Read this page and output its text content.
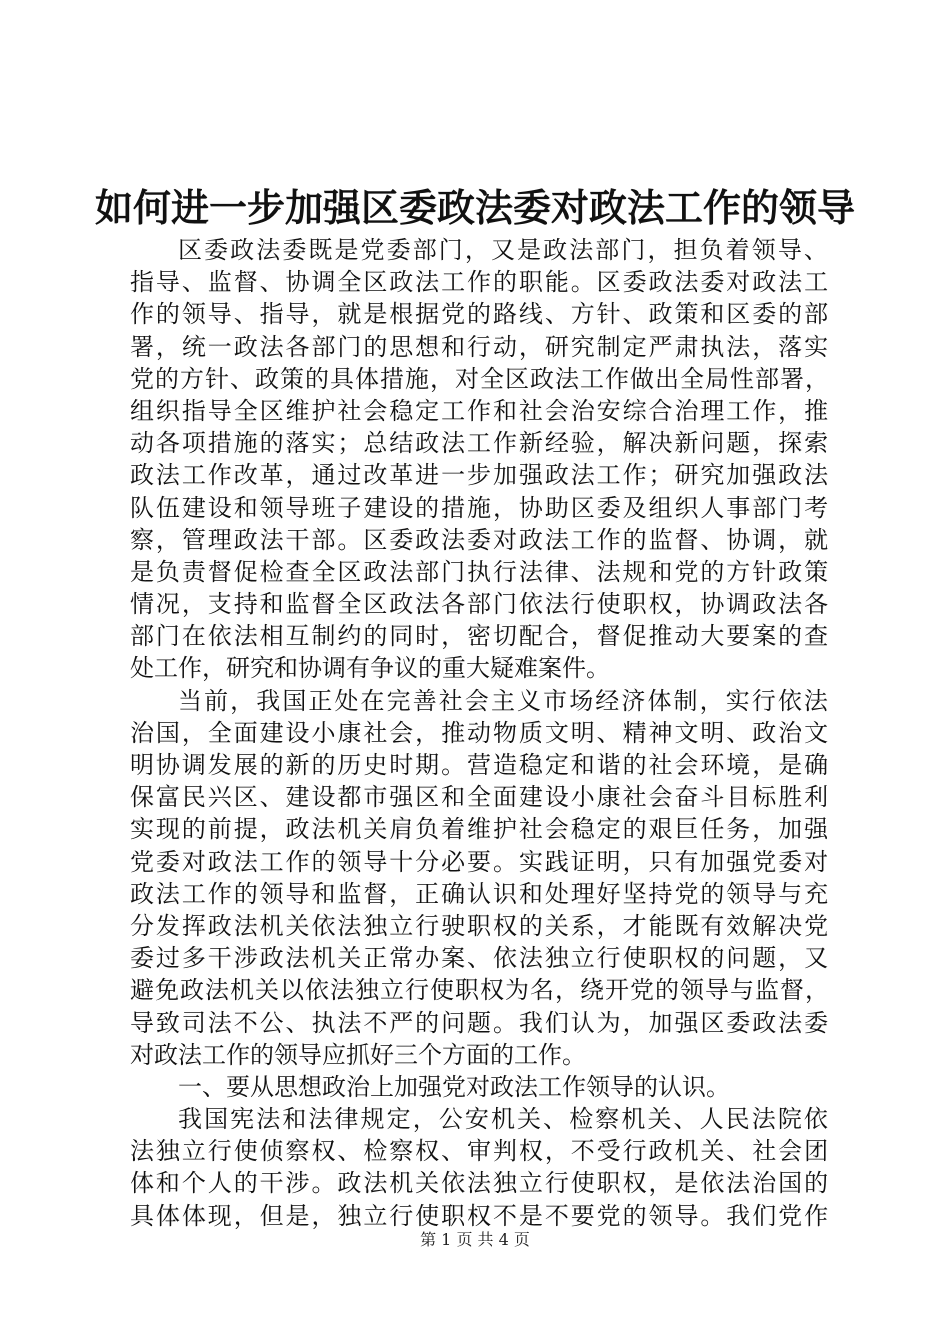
如何进一步加强区委政法委对政法工作的领导
区委政法委既是党委部门，又是政法部门，担负着领导、
指导、监督、协调全区政法工作的职能。区委政法委对政法工
作的领导、指导，就是根据党的路线、方针、政策和区委的部
署，统一政法各部门的思想和行动，研究制定严肃执法，落实
党的方针、政策的具体措施，对全区政法工作做出全局性部署，
组织指导全区维护社会稳定工作和社会治安综合治理工作，推
动各项措施的落实；总结政法工作新经验，解决新问题，探索
政法工作改革，通过改革进一步加强政法工作；研究加强政法
队伍建设和领导班子建设的措施，协助区委及组织人事部门考
察，管理政法干部。区委政法委对政法工作的监督、协调，就
是负责督促检查全区政法部门执行法律、法规和党的方针政策
情况，支持和监督全区政法各部门依法行使职权，协调政法各
部门在依法相互制约的同时，密切配合，督促推动大要案的查
处工作，研究和协调有争议的重大疑难案件。
当前，我国正处在完善社会主义市场经济体制，实行依法
治国，全面建设小康社会，推动物质文明、精神文明、政治文
明协调发展的新的历史时期。营造稳定和谐的社会环境，是确
保富民兴区、建设都市强区和全面建设小康社会奋斗目标胜利
实现的前提，政法机关肩负着维护社会稳定的艰巨任务，加强
党委对政法工作的领导十分必要。实践证明，只有加强党委对
政法工作的领导和监督，正确认识和处理好坚持党的领导与充
分发挥政法机关依法独立行驶职权的关系，才能既有效解决党
委过多干涉政法机关正常办案、依法独立行使职权的问题，又
避免政法机关以依法独立行使职权为名，绕开党的领导与监督，
导致司法不公、执法不严的问题。我们认为，加强区委政法委
对政法工作的领导应抓好三个方面的工作。
一、要从思想政治上加强党对政法工作领导的认识。
我国宪法和法律规定，公安机关、检察机关、人民法院依
法独立行使侦察权、检察权、审判权，不受行政机关、社会团
体和个人的干涉。政法机关依法独立行使职权，是依法治国的
具体体现，但是，独立行使职权不是不要党的领导。我们党作
第 1 页 共 4 页
